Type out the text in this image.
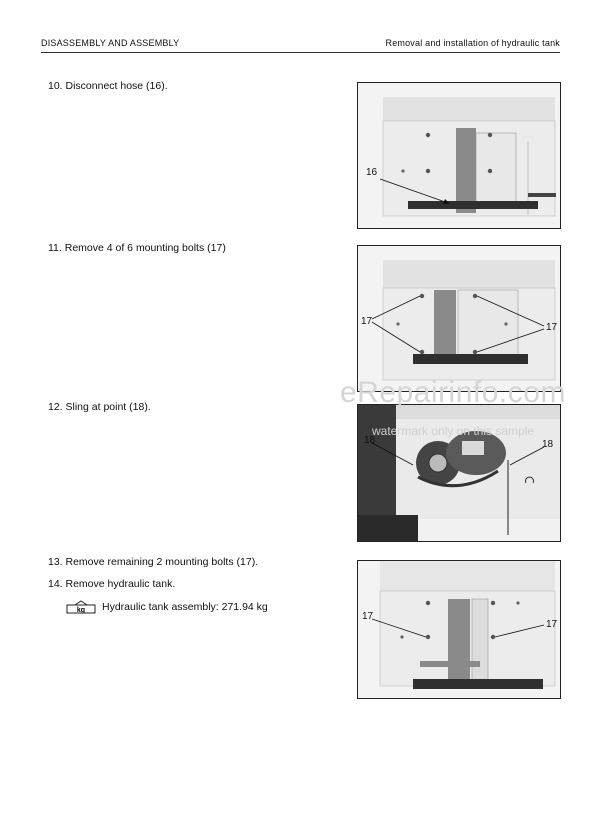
DISASSEMBLY AND ASSEMBLY	Removal and installation of hydraulic tank
10. Disconnect hose (16).
11. Remove 4 of 6 mounting bolts (17)
12. Sling at point (18).
13. Remove remaining 2 mounting bolts (17).
14. Remove hydraulic tank.
kg Hydraulic tank assembly: 271.94 kg
16
17
17
18	18
17
17
eRepairinfo.com
watermark only on this sample
